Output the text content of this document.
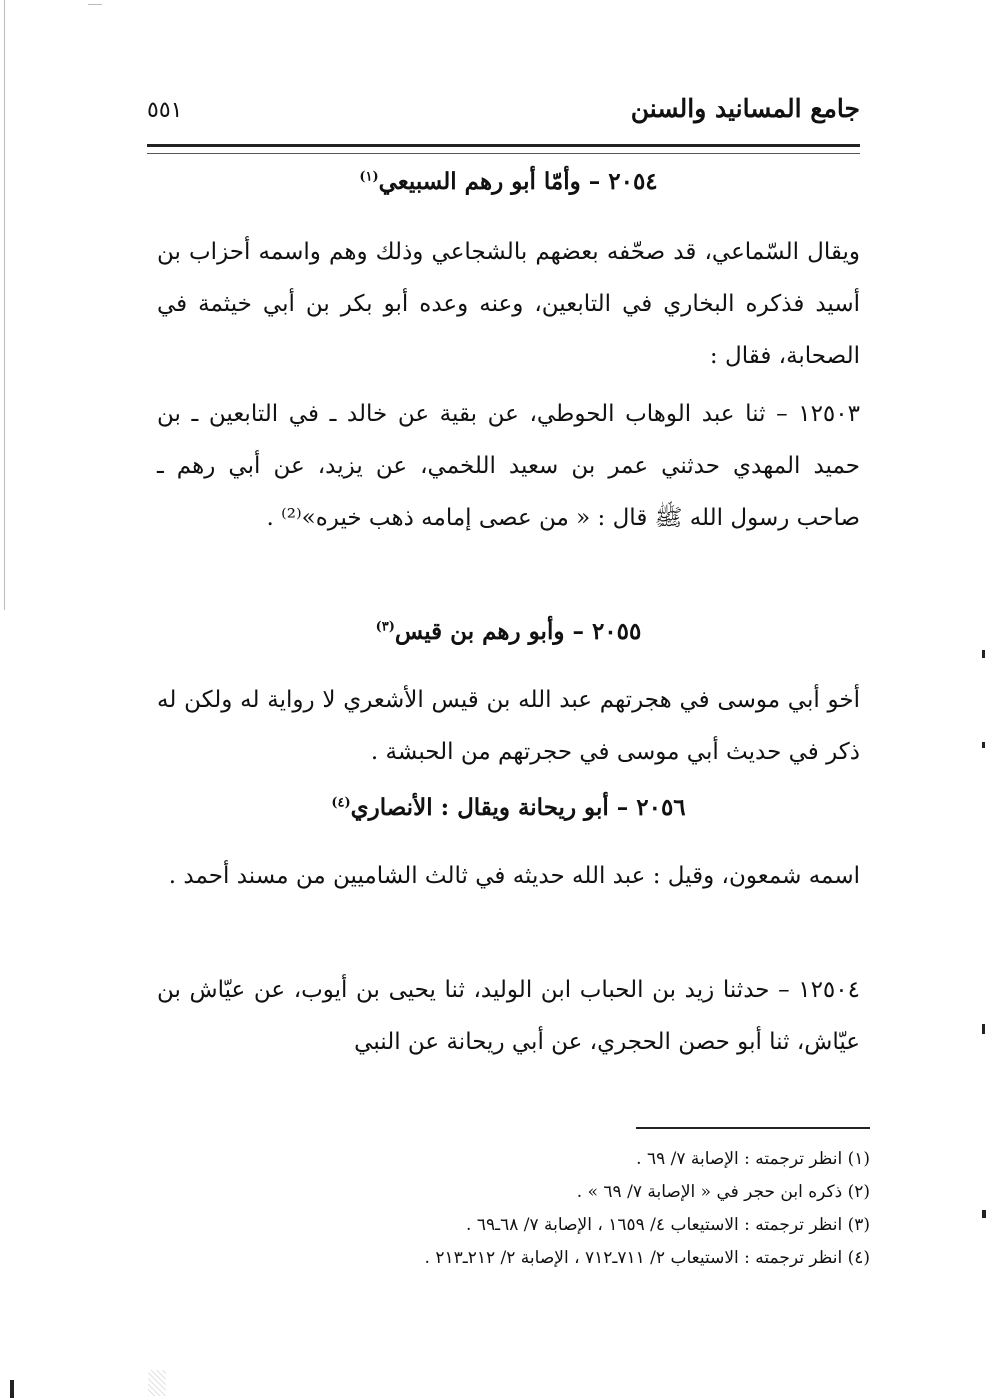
جامع المسانيد والسنن
٥٥١
٢٠٥٤ – وأمّا أبو رهم السبيعي$^{(١)}$
ويقال السّماعي، قد صحّفه بعضهم بالشجاعي وذلك وهم واسمه أحزاب بن أسيد فذكره البخاري في التابعين، وعنه وعده أبو بكر بن أبي خيثمة في الصحابة، فقال :
١٢٥٠٣ – ثنا عبد الوهاب الحوطي، عن بقية عن خالد ـ في التابعين ـ بن حميد المهدي حدثني عمر بن سعيد اللخمي، عن يزيد، عن أبي رهم ـ صاحب رسول الله ﷺ قال : « من عصى إمامه ذهب خيره»⁽²⁾ .
٢٠٥٥ – وأبو رهم بن قيس$^{(٣)}$
أخو أبي موسى في هجرتهم عبد الله بن قيس الأشعري لا رواية له ولكن له ذكر في حديث أبي موسى في حجرتهم من الحبشة .
٢٠٥٦ – أبو ريحانة ويقال : الأنصاري$^{(٤)}$
اسمه شمعون، وقيل : عبد الله حديثه في ثالث الشاميين من مسند أحمد .
١٢٥٠٤ – حدثنا زيد بن الحباب ابن الوليد، ثنا يحيى بن أيوب، عن عيّاش بن عيّاش، ثنا أبو حصن الحجري، عن أبي ريحانة عن النبي
(١) انظر ترجمته : الإصابة ٧/ ٦٩ .
(٢) ذكره ابن حجر في « الإصابة ٧/ ٦٩ » .
(٣) انظر ترجمته : الاستيعاب ٤/ ١٦٥٩ ، الإصابة ٧/ ٦٨ـ٦٩ .
(٤) انظر ترجمته : الاستيعاب ٢/ ٧١١ـ٧١٢ ، الإصابة ٢/ ٢١٢ـ٢١٣ .
